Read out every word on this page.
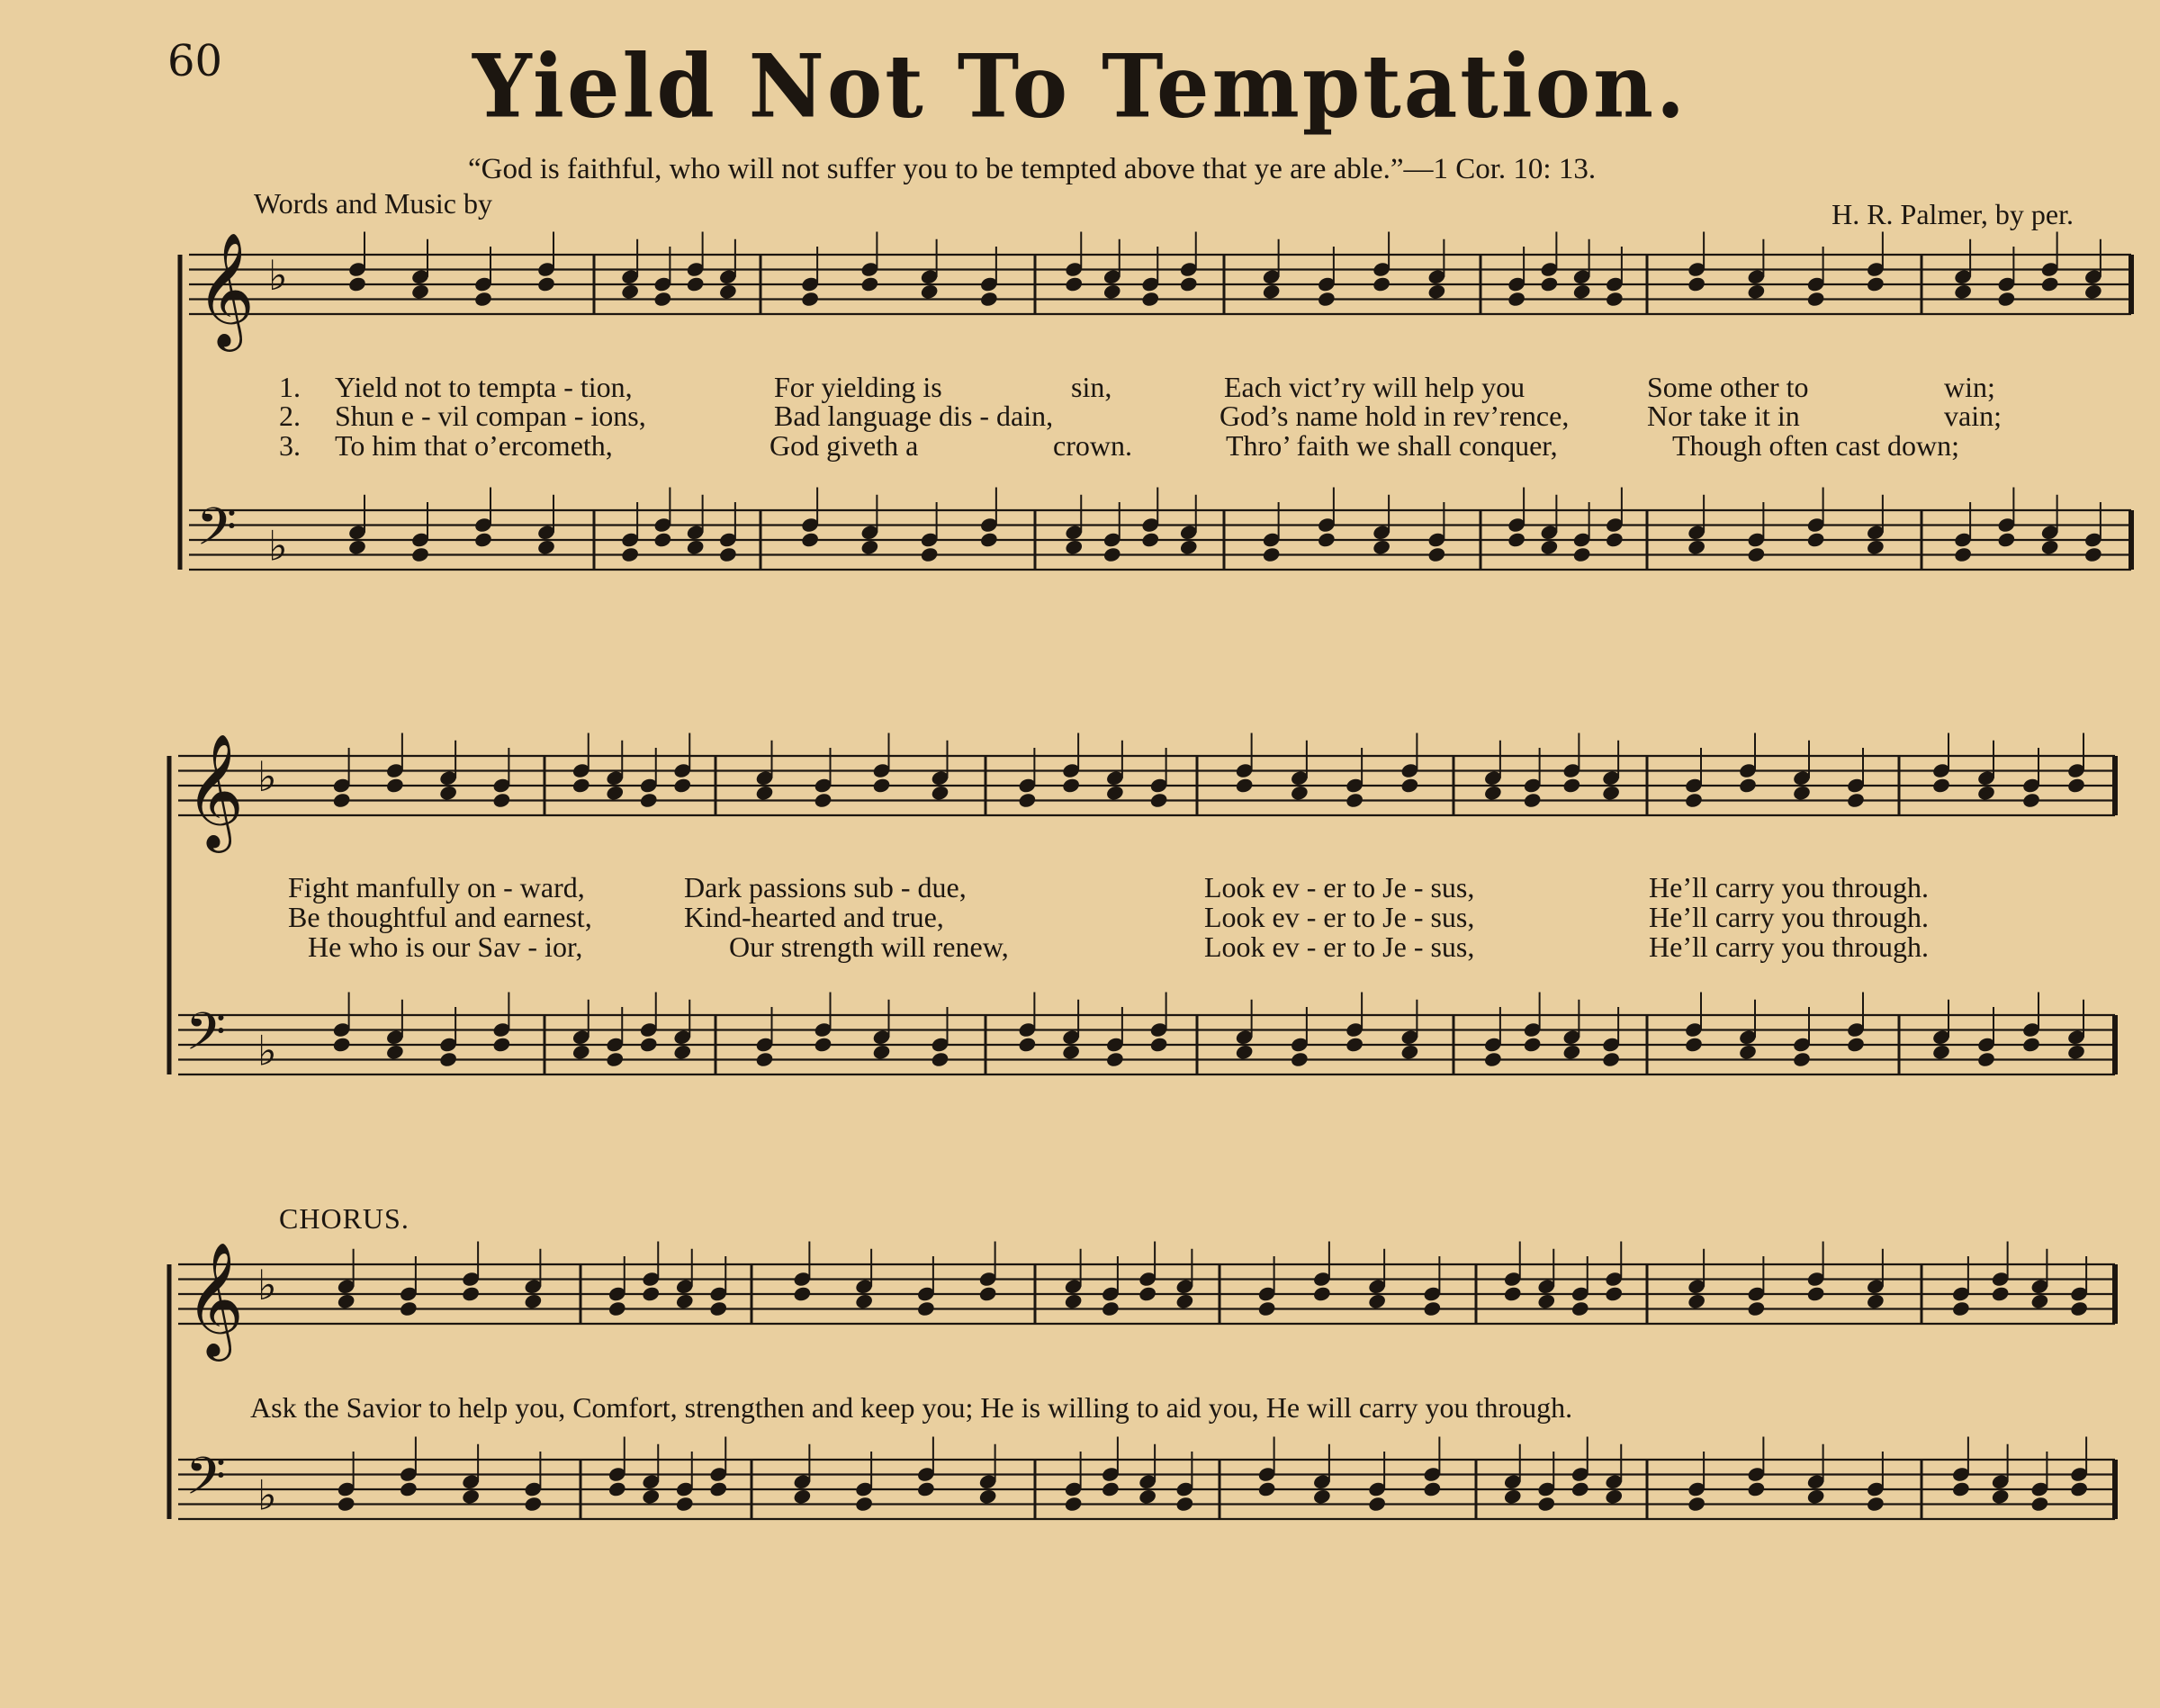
60	Yield Not To Temptation.
“God is faithful, who will not suffer you to be tempted above that ye are able.”—1 Cor. 10: 13.
Words and Music by	H. R. Palmer, by per.
𝄞 ♭
𝄢 ♭
𝄞 ♭
𝄢 ♭
𝄞 ♭
𝄢 ♭
1. Yield not to tempta - tion,	For yielding is	sin,	Each vict’ry will help you	Some other to	win;
2. Shun e - vil compan - ions,	Bad language dis - dain,	God’s name hold in rev’rence,	Nor take it in	vain;
3. To him that o’ercometh,	God giveth a	crown.	Thro’ faith we shall conquer,	Though often cast down;
Fight manfully on - ward,	Dark passions sub - due,	Look ev - er to Je - sus,	He’ll carry you through.
Be thoughtful and earnest,	Kind-hearted and true,	Look ev - er to Je - sus,	He’ll carry you through.
He who is our Sav - ior,	Our strength will renew,	Look ev - er to Je - sus,	He’ll carry you through.
CHORUS.
Ask the Savior to help you, Comfort, strengthen and keep you; He is willing to aid you, He will carry you through.
